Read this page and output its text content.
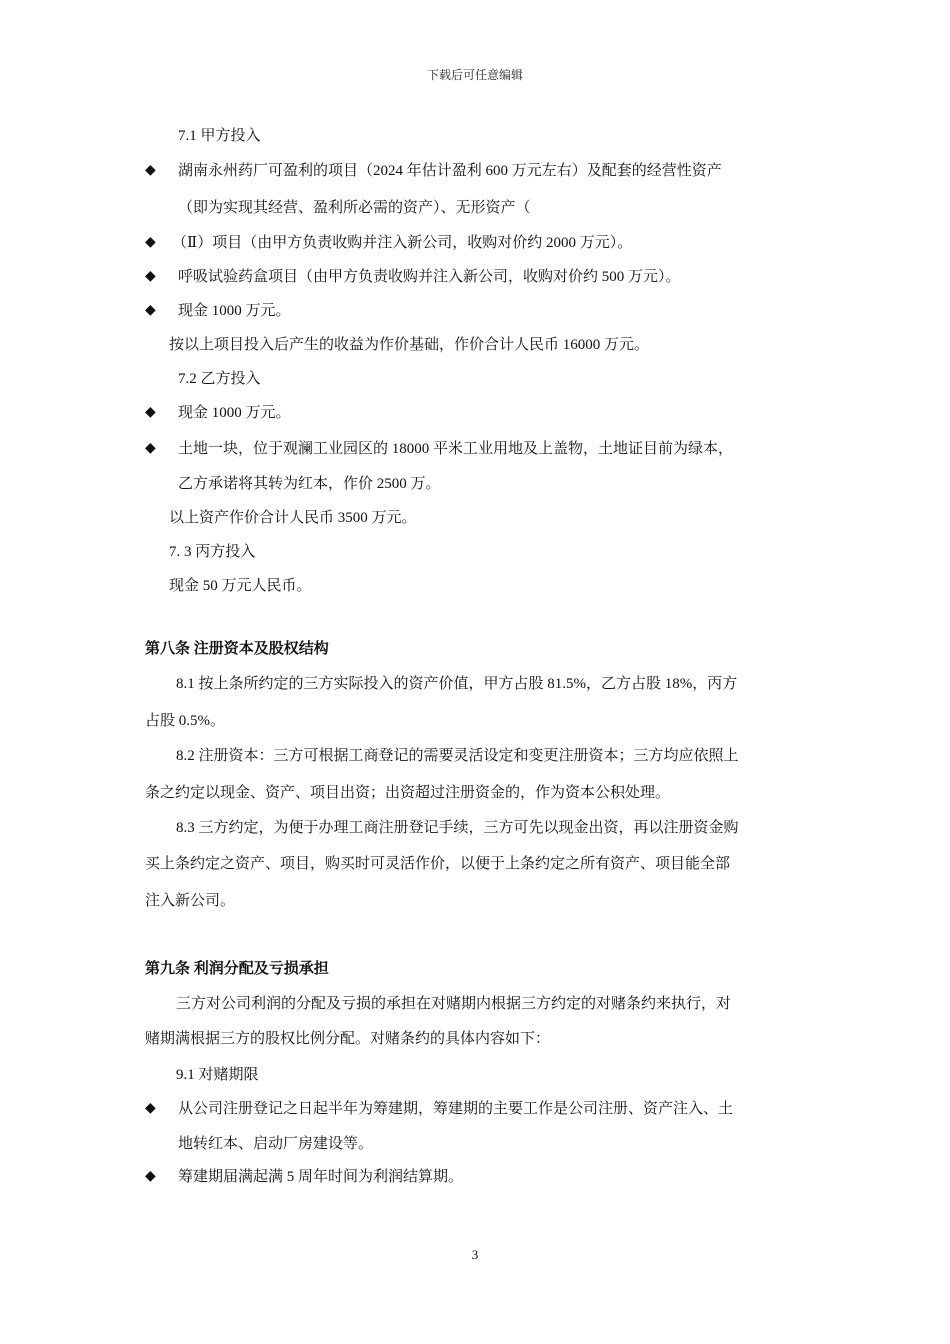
下载后可任意编辑
7.1 甲方投入
◆ 湖南永州药厂可盈利的项目（2024 年估计盈利 600 万元左右）及配套的经营性资产
（即为实现其经营、盈利所必需的资产）、无形资产（
◆ （Ⅱ）项目（由甲方负责收购并注入新公司，收购对价约 2000 万元）。
◆ 呼吸试验药盒项目（由甲方负责收购并注入新公司，收购对价约 500 万元）。
◆ 现金 1000 万元。
按以上项目投入后产生的收益为作价基础，作价合计人民币 16000 万元。
7.2 乙方投入
◆ 现金 1000 万元。
◆ 土地一块，位于观澜工业园区的 18000 平米工业用地及上盖物，土地证目前为绿本，
乙方承诺将其转为红本，作价 2500 万。
以上资产作价合计人民币 3500 万元。
7. 3 丙方投入
现金 50 万元人民币。
第八条 注册资本及股权结构
8.1 按上条所约定的三方实际投入的资产价值，甲方占股 81.5%，乙方占股 18%，丙方
占股 0.5%。
8.2 注册资本：三方可根据工商登记的需要灵活设定和变更注册资本；三方均应依照上
条之约定以现金、资产、项目出资；出资超过注册资金的，作为资本公积处理。
8.3 三方约定，为便于办理工商注册登记手续，三方可先以现金出资，再以注册资金购
买上条约定之资产、项目，购买时可灵活作价，以便于上条约定之所有资产、项目能全部
注入新公司。
第九条 利润分配及亏损承担
三方对公司利润的分配及亏损的承担在对赌期内根据三方约定的对赌条约来执行，对
赌期满根据三方的股权比例分配。对赌条约的具体内容如下：
9.1 对赌期限
◆ 从公司注册登记之日起半年为筹建期，筹建期的主要工作是公司注册、资产注入、土
地转红本、启动厂房建设等。
◆ 筹建期届满起满 5 周年时间为利润结算期。
3
